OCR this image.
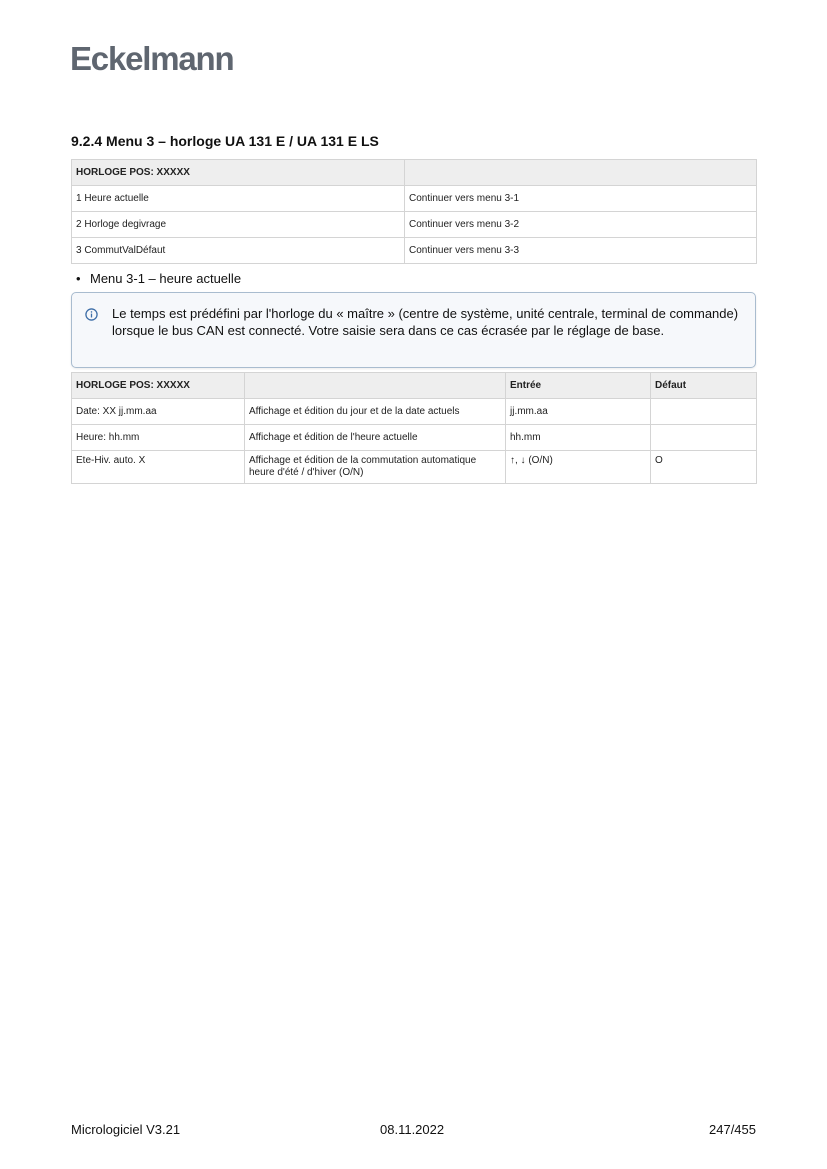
Eckelmann
9.2.4 Menu 3 – horloge UA 131 E / UA 131 E LS
HORLOGE POS: XXXXX	
1 Heure actuelle	Continuer vers menu 3-1
2 Horloge degivrage	Continuer vers menu 3-2
3 CommutValDéfaut	Continuer vers menu 3-3
• Menu 3-1 – heure actuelle

Le temps est prédéfini par l'horloge du « maître » (centre de système, unité centrale, terminal de commande) lorsque le bus CAN est connecté. Votre saisie sera dans ce cas écrasée par le réglage de base.

HORLOGE POS: XXXXX		Entrée	Défaut
Date: XX jj.mm.aa	Affichage et édition du jour et de la date actuels	jj.mm.aa	
Heure: hh.mm	Affichage et édition de l'heure actuelle	hh.mm	
Ete-Hiv. auto. X	Affichage et édition de la commutation automatique heure d'été / d'hiver (O/N)	↑, ↓ (O/N)	O
Micrologiciel V3.21	08.11.2022	247/455
